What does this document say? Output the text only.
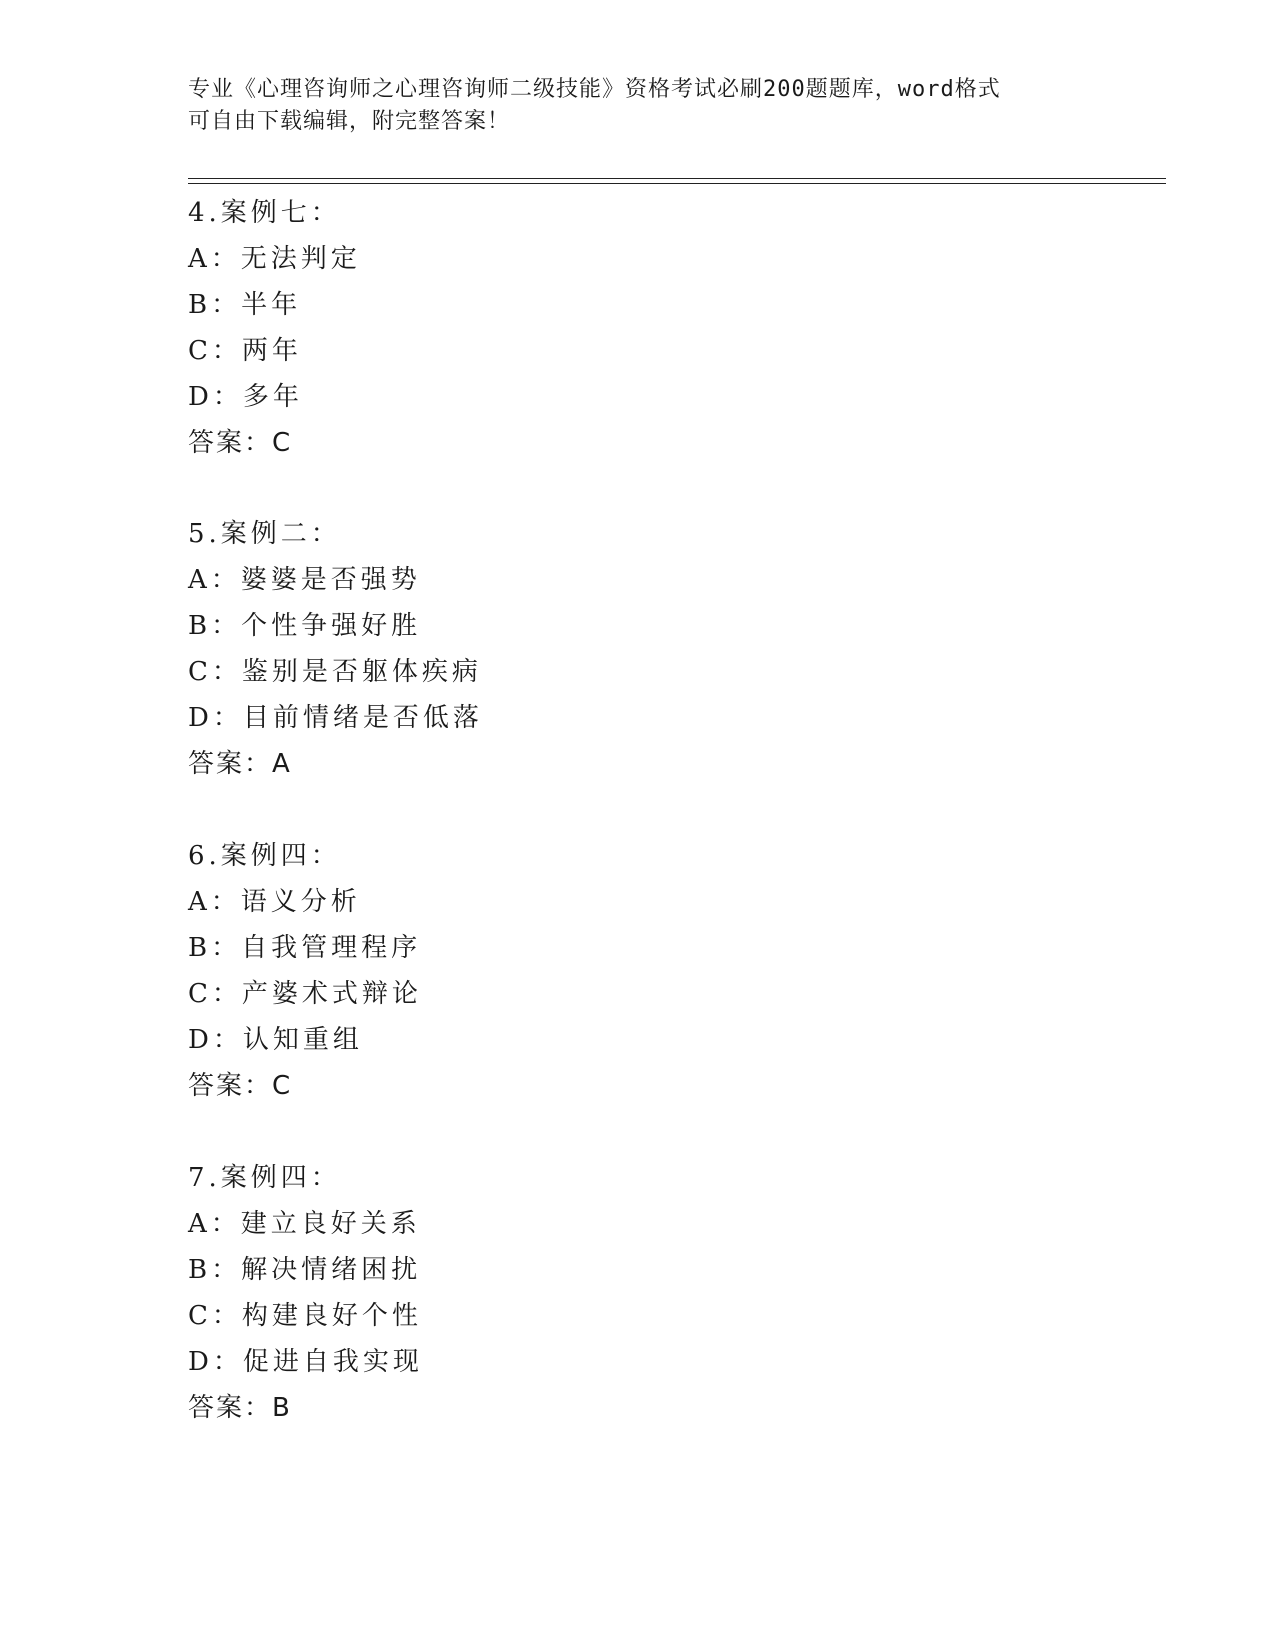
专业《心理咨询师之心理咨询师二级技能》资格考试必刷200题题库，word格式
可自由下载编辑，附完整答案！
4.案例七：
A：无法判定
B：半年
C：两年
D：多年
答案：C
5.案例二：
A：婆婆是否强势
B：个性争强好胜
C：鉴别是否躯体疾病
D：目前情绪是否低落
答案：A
6.案例四：
A：语义分析
B：自我管理程序
C：产婆术式辩论
D：认知重组
答案：C
7.案例四：
A：建立良好关系
B：解决情绪困扰
C：构建良好个性
D：促进自我实现
答案：B
